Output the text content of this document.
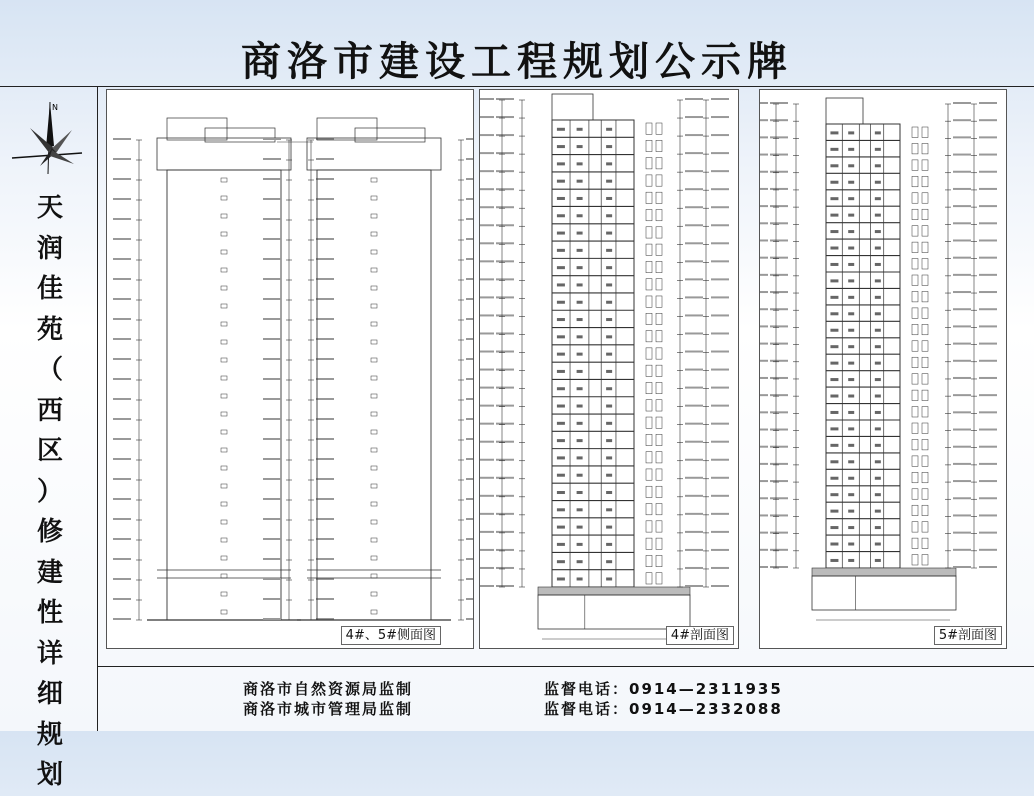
商洛市建设工程规划公示牌
N
天
润
佳
苑
（
西
区
）
修
建
性
详
细
规
划
4#、5#侧面图	4#剖面图	5#剖面图
商洛市自然资源局监制
商洛市城市管理局监制
监督电话：0914—2311935
监督电话：0914—2332088
